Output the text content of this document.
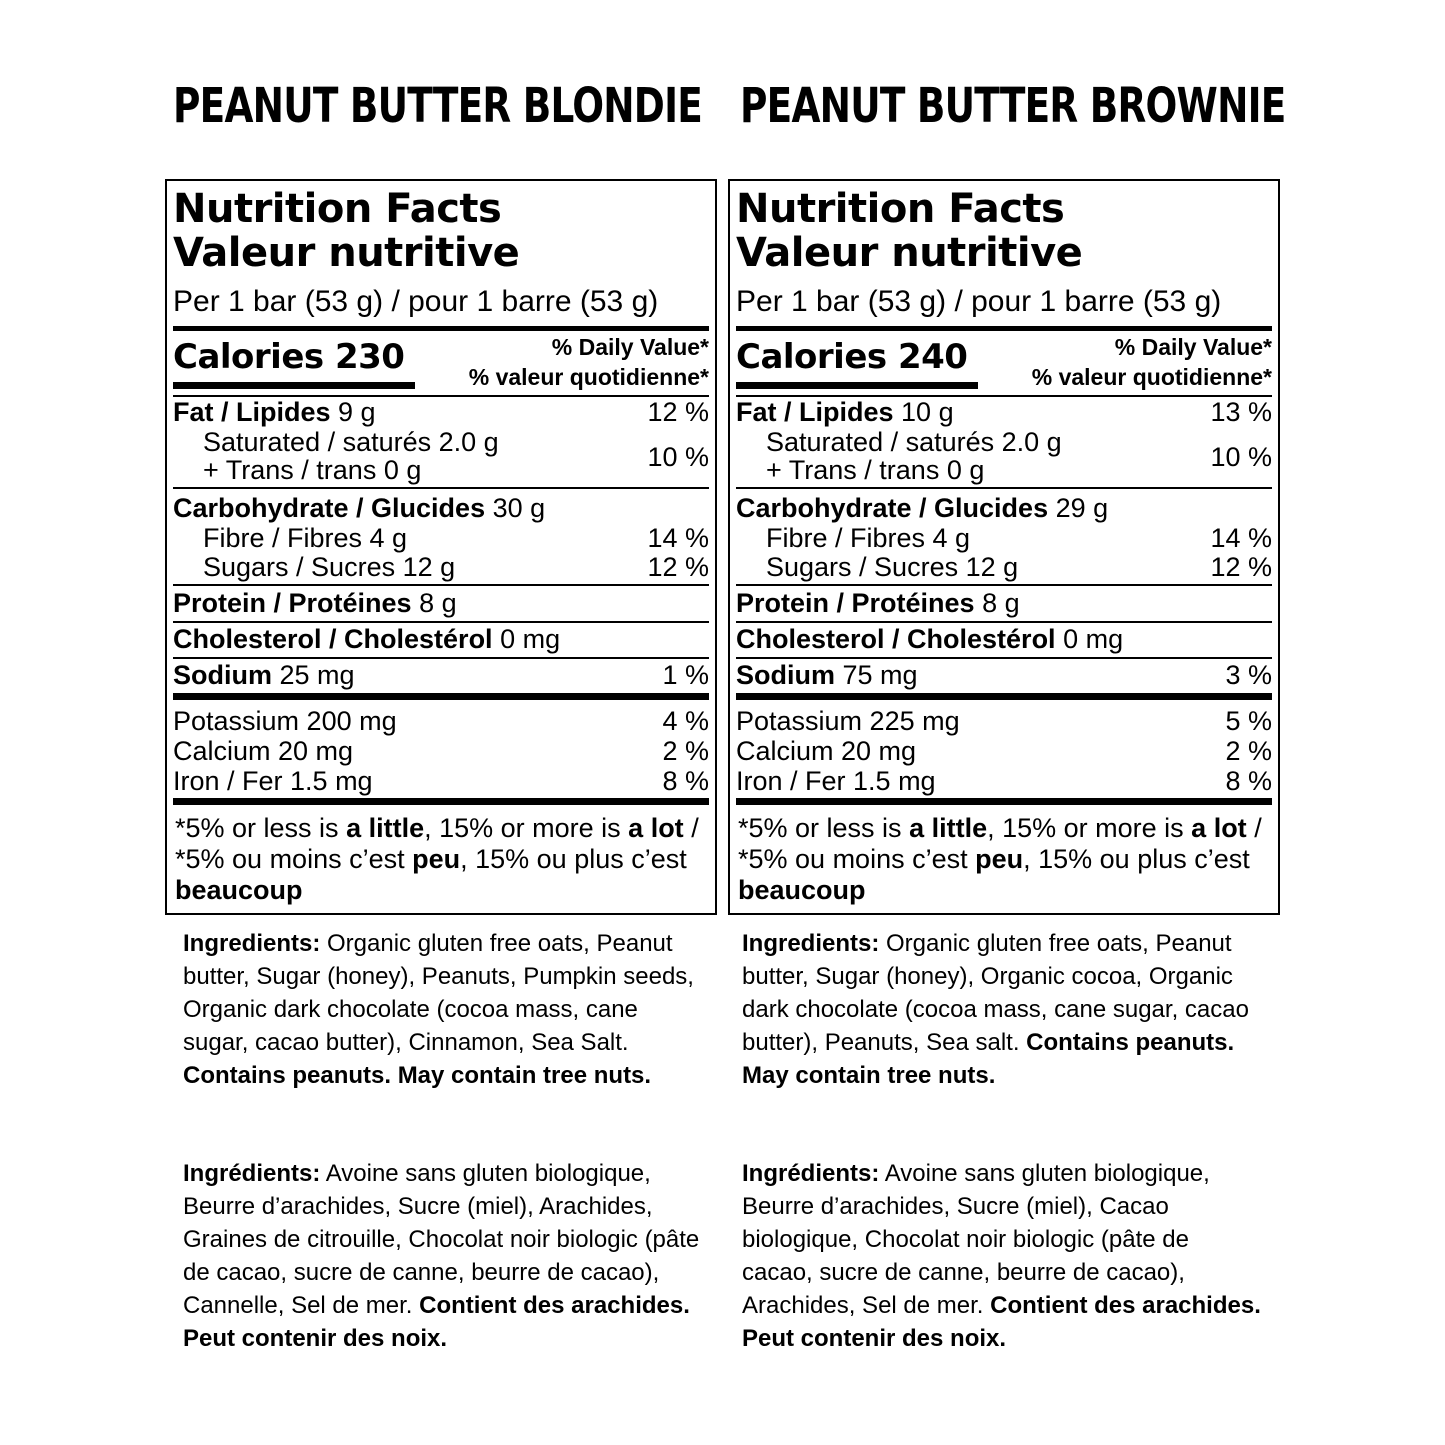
PEANUT BUTTER BLONDIE
Nutrition Facts
Valeur nutritive
Per 1 bar (53 g) / pour 1 barre (53 g)
Calories 230	% Daily Value*
% valeur quotidienne*
Fat / Lipides 9 g	12 %
Saturated / saturés 2.0 g
+ Trans / trans 0 g	10 %
Carbohydrate / Glucides 30 g
Fibre / Fibres 4 g	14 %
Sugars / Sucres 12 g	12 %
Protein / Protéines 8 g
Cholesterol / Cholestérol 0 mg
Sodium 25 mg	1 %
Potassium 200 mg	4 %
Calcium 20 mg	2 %
Iron / Fer 1.5 mg	8 %
*5% or less is a little, 15% or more is a lot / *5% ou moins c’est peu, 15% ou plus c’est beaucoup
Ingredients: Organic gluten free oats, Peanut butter, Sugar (honey), Peanuts, Pumpkin seeds, Organic dark chocolate (cocoa mass, cane sugar, cacao butter), Cinnamon, Sea Salt. Contains peanuts. May contain tree nuts.
Ingrédients: Avoine sans gluten biologique, Beurre d’arachides, Sucre (miel), Arachides, Graines de citrouille, Chocolat noir biologic (pâte de cacao, sucre de canne, beurre de cacao), Cannelle, Sel de mer. Contient des arachides. Peut contenir des noix.
PEANUT BUTTER BROWNIE
Nutrition Facts
Valeur nutritive
Per 1 bar (53 g) / pour 1 barre (53 g)
Calories 240	% Daily Value*
% valeur quotidienne*
Fat / Lipides 10 g	13 %
Saturated / saturés 2.0 g
+ Trans / trans 0 g	10 %
Carbohydrate / Glucides 29 g
Fibre / Fibres 4 g	14 %
Sugars / Sucres 12 g	12 %
Protein / Protéines 8 g
Cholesterol / Cholestérol 0 mg
Sodium 75 mg	3 %
Potassium 225 mg	5 %
Calcium 20 mg	2 %
Iron / Fer 1.5 mg	8 %
*5% or less is a little, 15% or more is a lot / *5% ou moins c’est peu, 15% ou plus c’est beaucoup
Ingredients: Organic gluten free oats, Peanut butter, Sugar (honey), Organic cocoa, Organic dark chocolate (cocoa mass, cane sugar, cacao butter), Peanuts, Sea salt. Contains peanuts. May contain tree nuts.
Ingrédients: Avoine sans gluten biologique, Beurre d’arachides, Sucre (miel), Cacao biologique, Chocolat noir biologic (pâte de cacao, sucre de canne, beurre de cacao), Arachides, Sel de mer. Contient des arachides. Peut contenir des noix.
